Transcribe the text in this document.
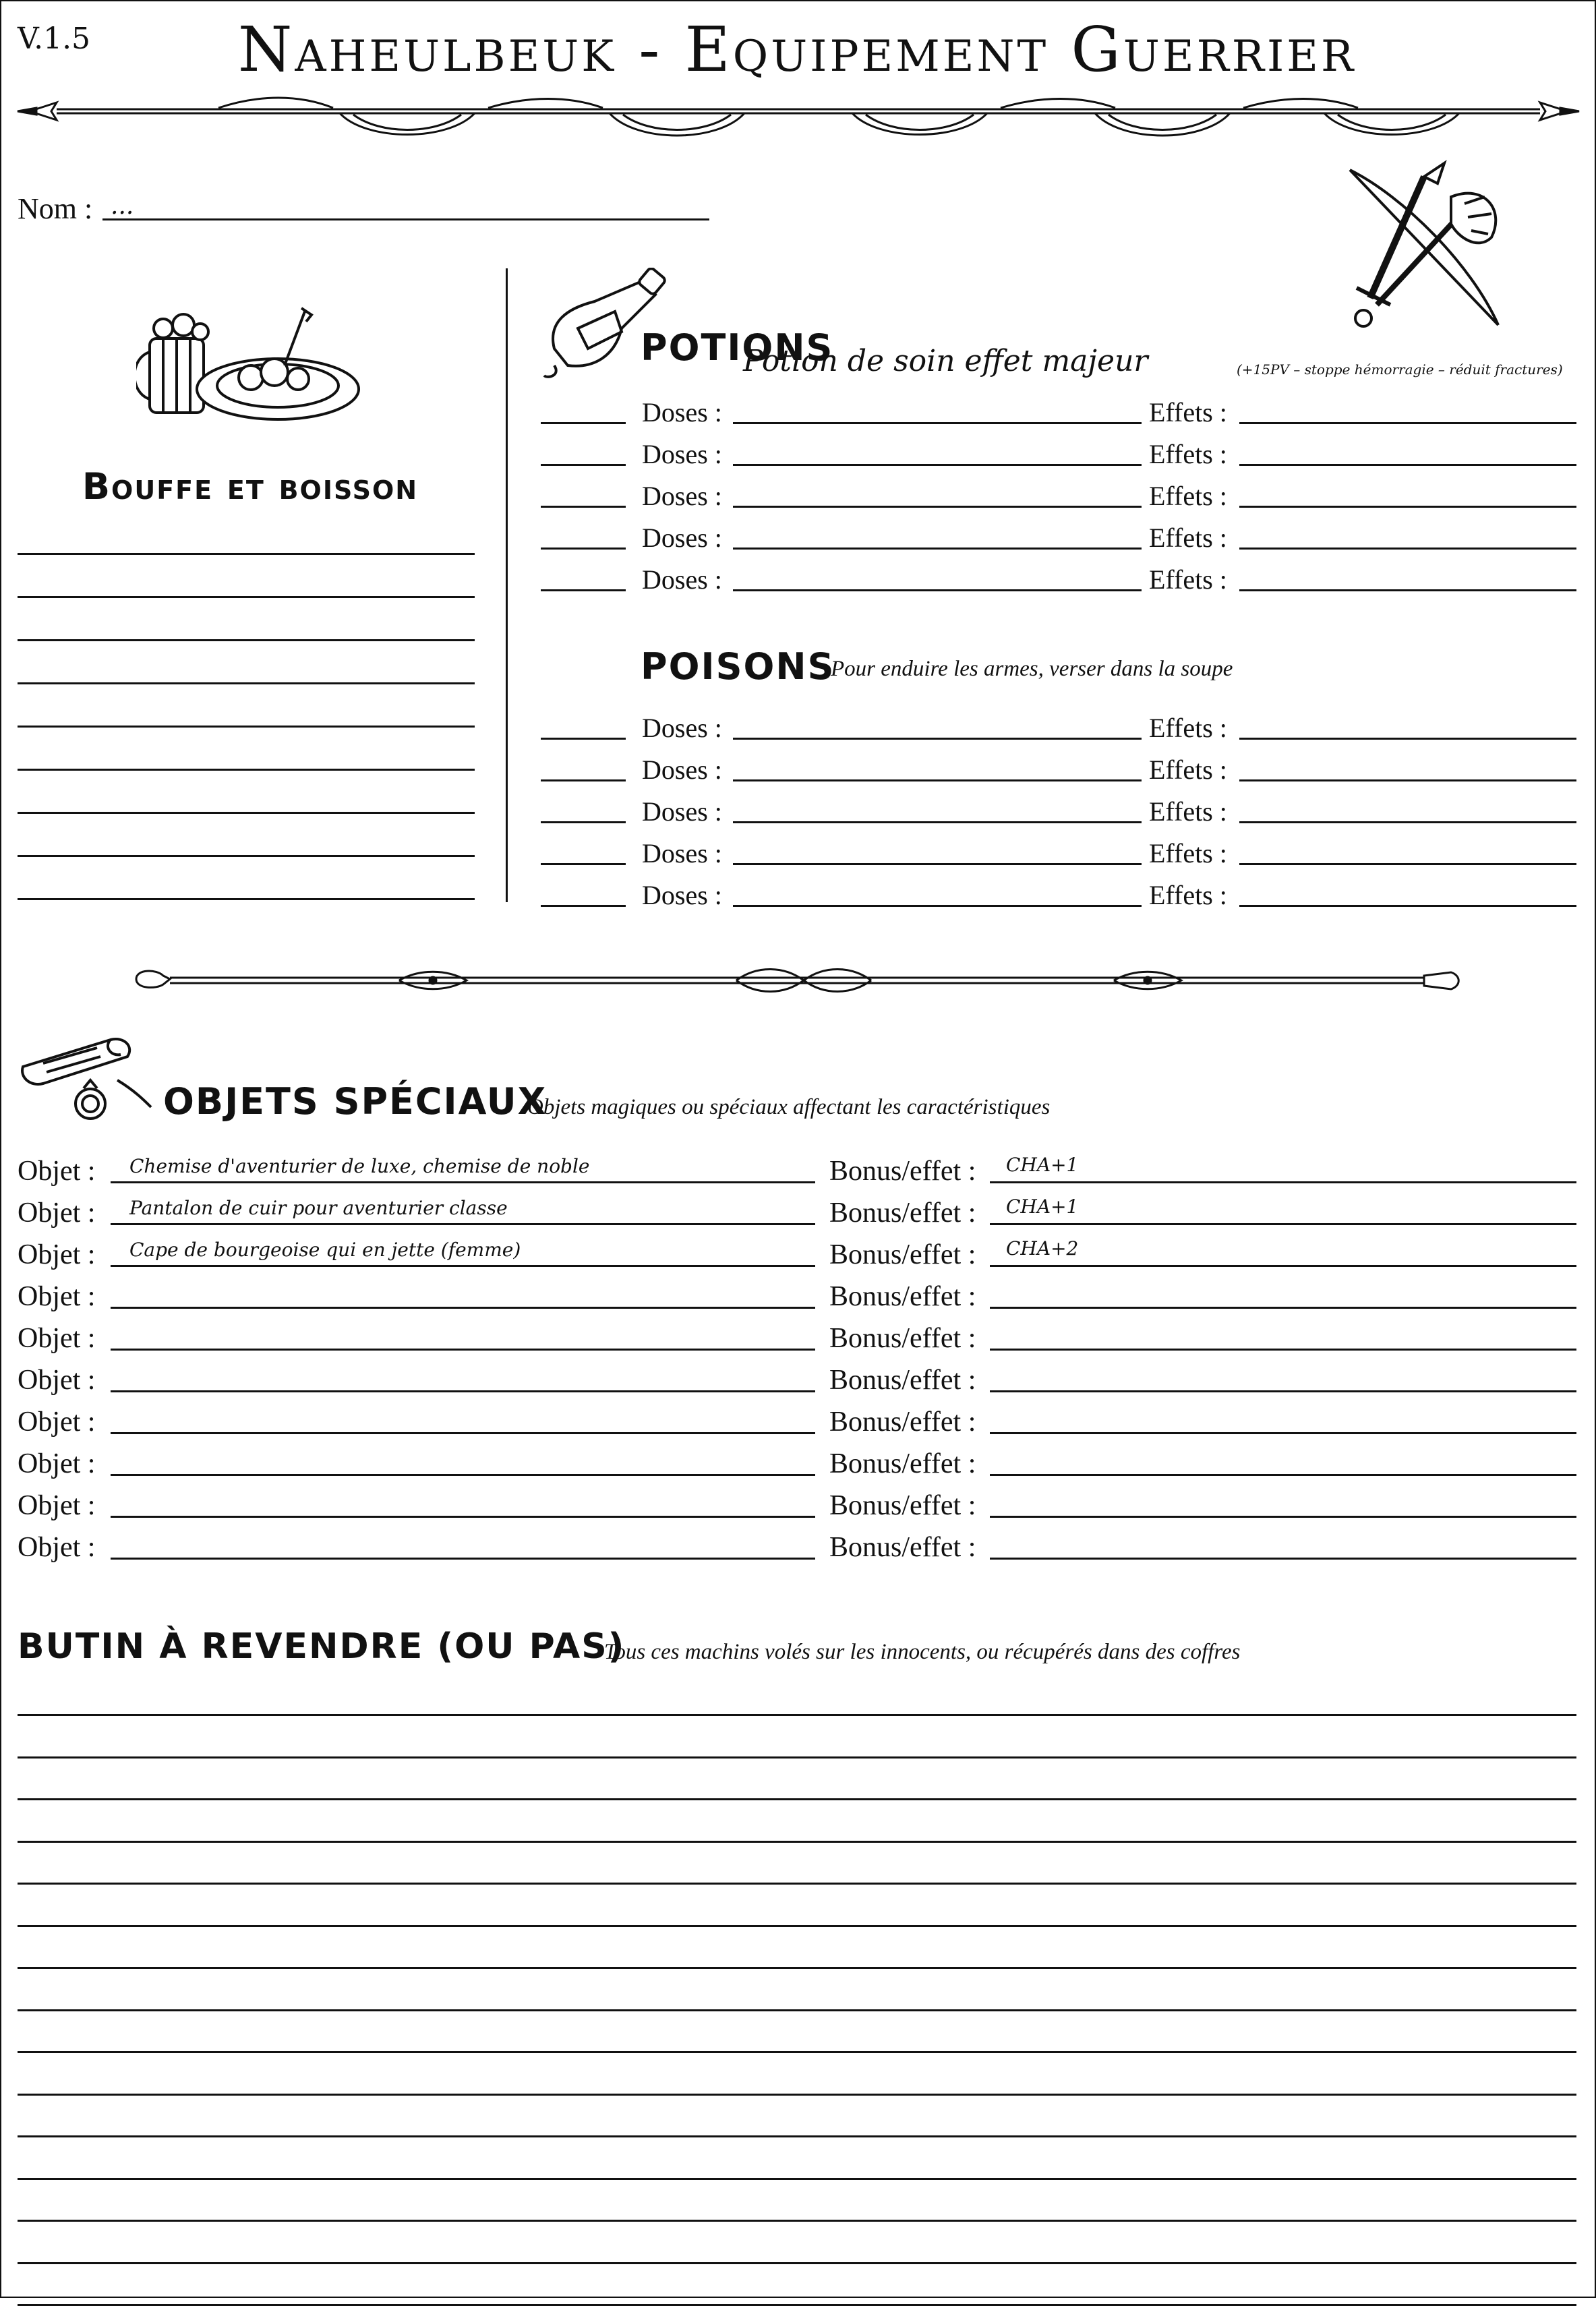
V.1.5	Naheulbeuk - Equipement Guerrier
Nom : ...
Bouffe et boisson
POTIONS
Potion de soin effet majeur	(+15PV – stoppe hémorragie – réduit fractures)
Doses :	Effets :
Doses :	Effets :
Doses :	Effets :
Doses :	Effets :
Doses :	Effets :
POISONS
Pour enduire les armes, verser dans la soupe
Doses :	Effets :
Doses :	Effets :
Doses :	Effets :
Doses :	Effets :
Doses :	Effets :
OBJETS SPÉCIAUX
Objets magiques ou spéciaux affectant les caractéristiques
Objet : Chemise d'aventurier de luxe, chemise de noble	Bonus/effet : CHA+1
Objet : Pantalon de cuir pour aventurier classe	Bonus/effet : CHA+1
Objet : Cape de bourgeoise qui en jette (femme)	Bonus/effet : CHA+2
Objet :	Bonus/effet :
Objet :	Bonus/effet :
Objet :	Bonus/effet :
Objet :	Bonus/effet :
Objet :	Bonus/effet :
Objet :	Bonus/effet :
Objet :	Bonus/effet :
BUTIN À REVENDRE (OU PAS)
Tous ces machins volés sur les innocents, ou récupérés dans des coffres
